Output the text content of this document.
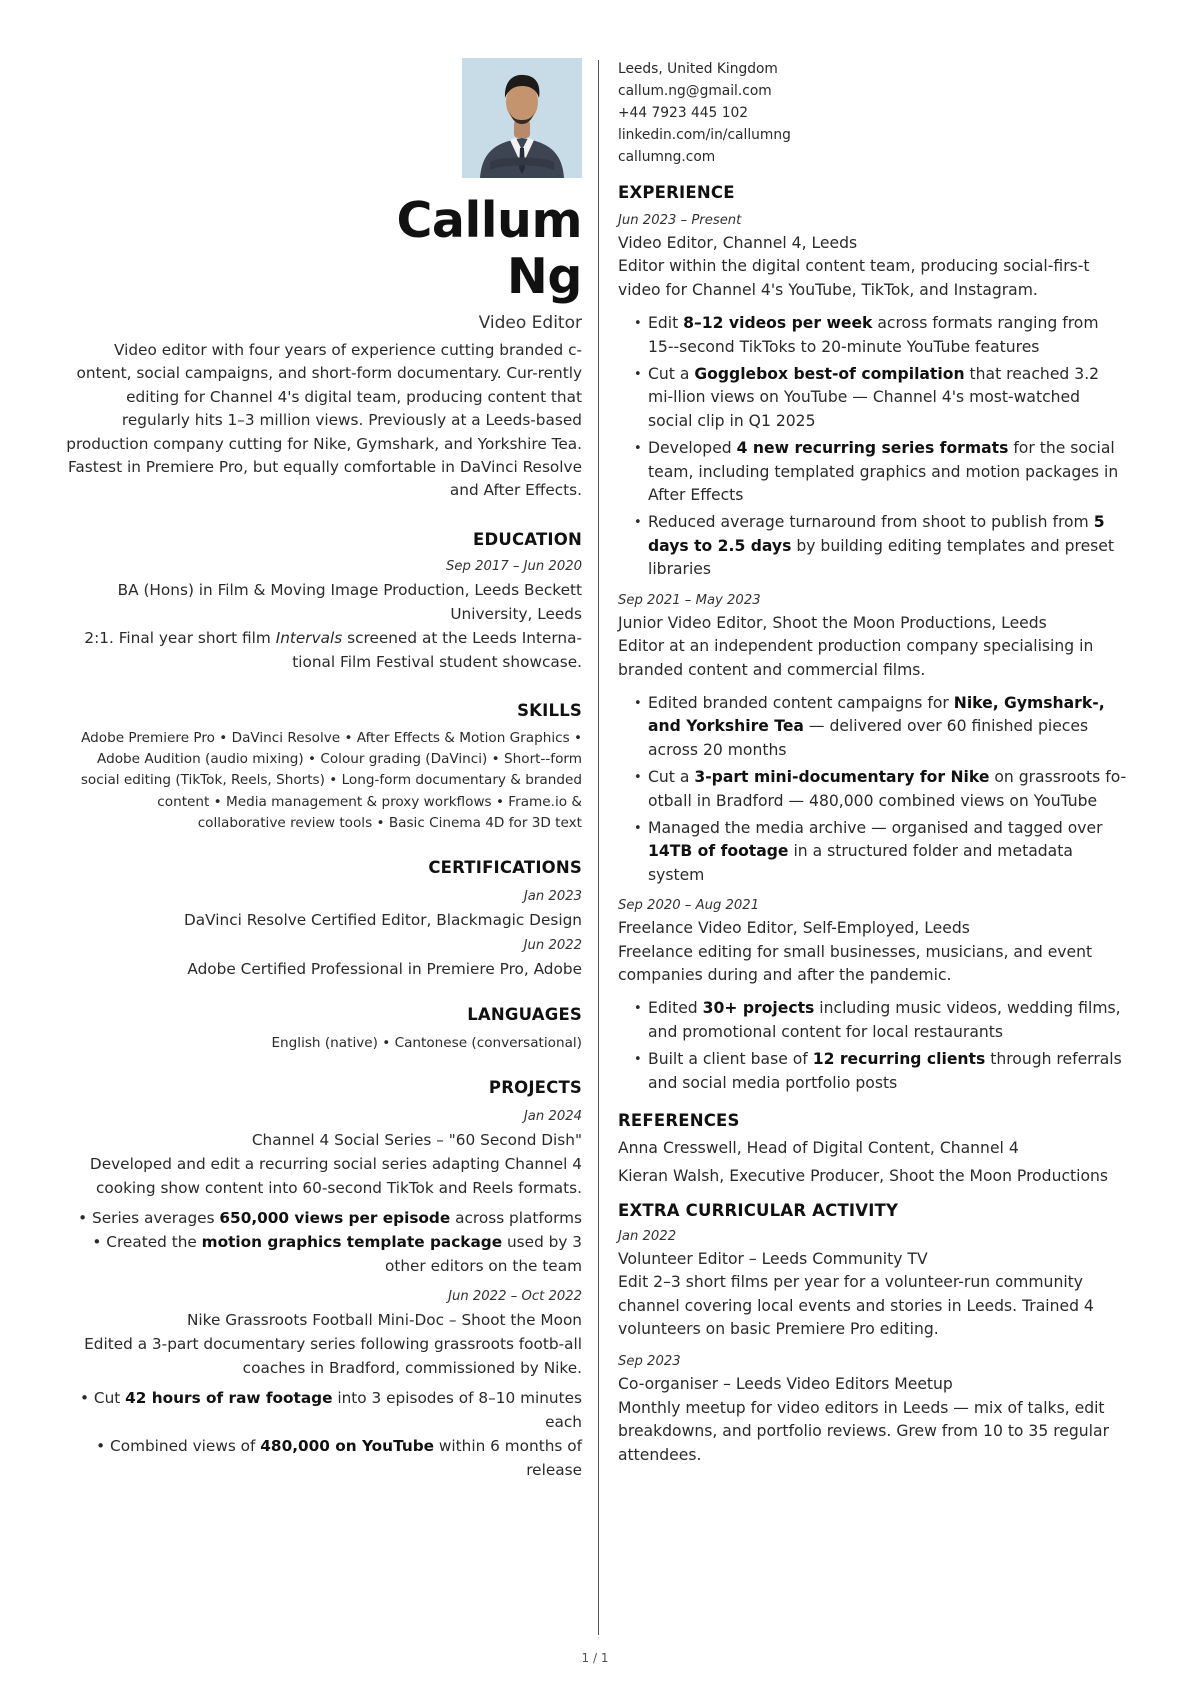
Callum
Ng
Video Editor
Video editor with four years of experience cutting branded c-ontent, social campaigns, and short-form documentary. Cur-rently editing for Channel 4's digital team, producing content that regularly hits 1–3 million views. Previously at a Leeds-based production company cutting for Nike, Gymshark, and Yorkshire Tea. Fastest in Premiere Pro, but equally comfortable in DaVinci Resolve and After Effects.
EDUCATION
Sep 2017 – Jun 2020
BA (Hons) in Film & Moving Image Production, Leeds Beckett University, Leeds
2:1. Final year short film Intervals screened at the Leeds Interna-tional Film Festival student showcase.
SKILLS
Adobe Premiere Pro • DaVinci Resolve • After Effects & Motion Graphics • Adobe Audition (audio mixing) • Colour grading (DaVinci) • Short--form social editing (TikTok, Reels, Shorts) • Long-form documentary & branded content • Media management & proxy workflows • Frame.io & collaborative review tools • Basic Cinema 4D for 3D text
CERTIFICATIONS
Jan 2023
DaVinci Resolve Certified Editor, Blackmagic Design
Jun 2022
Adobe Certified Professional in Premiere Pro, Adobe
LANGUAGES
English (native) • Cantonese (conversational)
PROJECTS
Jan 2024
Channel 4 Social Series – "60 Second Dish"
Developed and edit a recurring social series adapting Channel 4 cooking show content into 60-second TikTok and Reels formats.
• Series averages 650,000 views per episode across platforms
• Created the motion graphics template package used by 3 other editors on the team
Jun 2022 – Oct 2022
Nike Grassroots Football Mini-Doc – Shoot the Moon
Edited a 3-part documentary series following grassroots footb-all coaches in Bradford, commissioned by Nike.
• Cut 42 hours of raw footage into 3 episodes of 8–10 minutes each
• Combined views of 480,000 on YouTube within 6 months of release
Leeds, United Kingdom
callum.ng@gmail.com
+44 7923 445 102
linkedin.com/in/callumng
callumng.com
EXPERIENCE
Jun 2023 – Present
Video Editor, Channel 4, Leeds
Editor within the digital content team, producing social-firs-t video for Channel 4's YouTube, TikTok, and Instagram.
• Edit 8–12 videos per week across formats ranging from 15--second TikToks to 20-minute YouTube features
• Cut a Gogglebox best-of compilation that reached 3.2 mi-llion views on YouTube — Channel 4's most-watched social clip in Q1 2025
• Developed 4 new recurring series formats for the social team, including templated graphics and motion packages in After Effects
• Reduced average turnaround from shoot to publish from 5 days to 2.5 days by building editing templates and preset libraries
Sep 2021 – May 2023
Junior Video Editor, Shoot the Moon Productions, Leeds
Editor at an independent production company specialising in branded content and commercial films.
• Edited branded content campaigns for Nike, Gymshark-, and Yorkshire Tea — delivered over 60 finished pieces across 20 months
• Cut a 3-part mini-documentary for Nike on grassroots fo-otball in Bradford — 480,000 combined views on YouTube
• Managed the media archive — organised and tagged over 14TB of footage in a structured folder and metadata system
Sep 2020 – Aug 2021
Freelance Video Editor, Self-Employed, Leeds
Freelance editing for small businesses, musicians, and event companies during and after the pandemic.
• Edited 30+ projects including music videos, wedding films, and promotional content for local restaurants
• Built a client base of 12 recurring clients through referrals and social media portfolio posts
REFERENCES
Anna Cresswell, Head of Digital Content, Channel 4
Kieran Walsh, Executive Producer, Shoot the Moon Productions
EXTRA CURRICULAR ACTIVITY
Jan 2022
Volunteer Editor – Leeds Community TV
Edit 2–3 short films per year for a volunteer-run community channel covering local events and stories in Leeds. Trained 4 volunteers on basic Premiere Pro editing.
Sep 2023
Co-organiser – Leeds Video Editors Meetup
Monthly meetup for video editors in Leeds — mix of talks, edit breakdowns, and portfolio reviews. Grew from 10 to 35 regular attendees.
1 / 1
